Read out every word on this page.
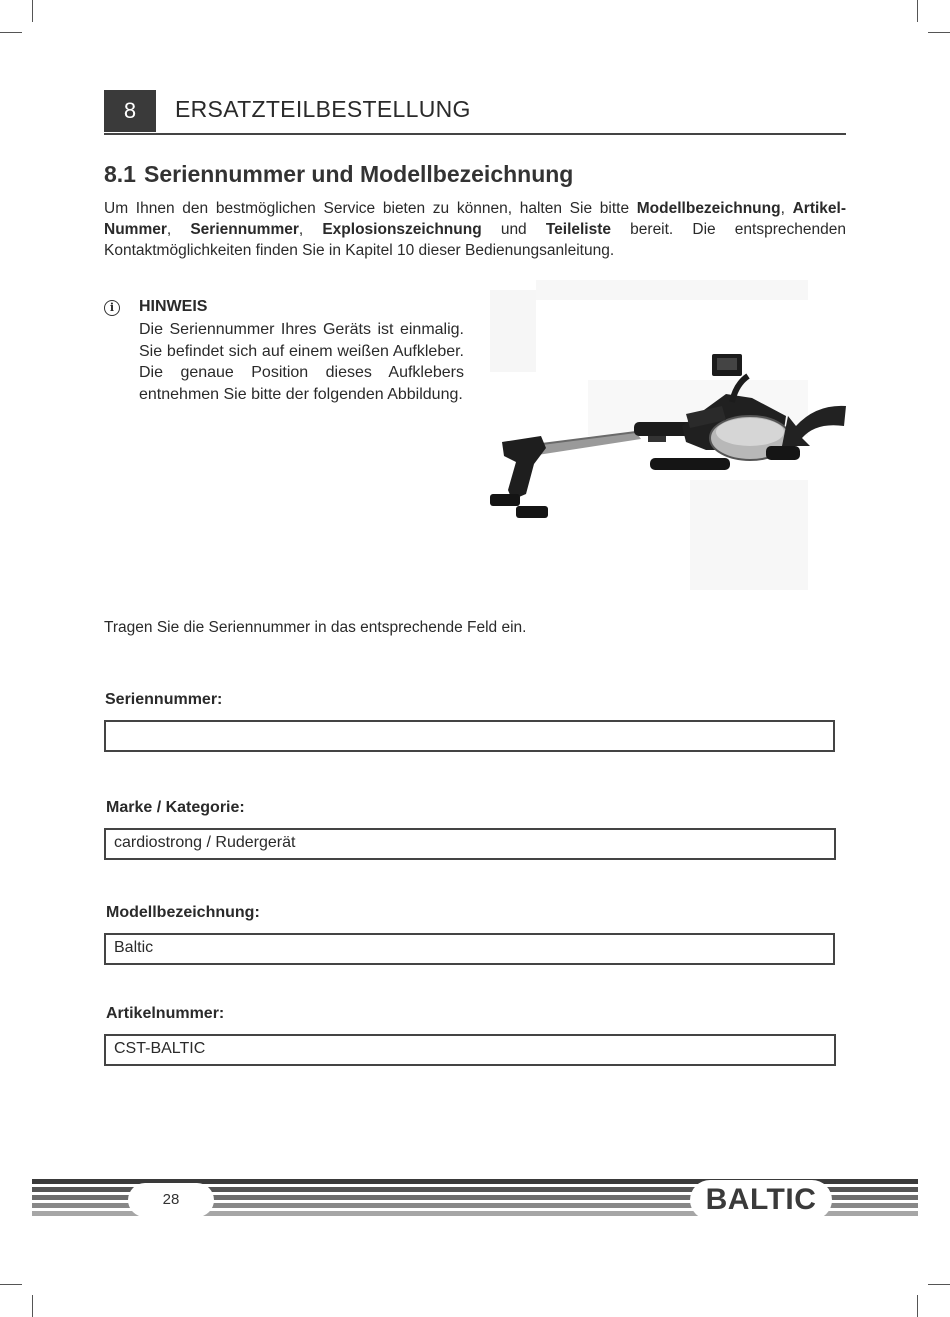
8	ERSATZTEILBESTELLUNG
8.1 Seriennummer und Modellbezeichnung
Um Ihnen den bestmöglichen Service bieten zu können, halten Sie bitte Modellbezeichnung, Artikel-Nummer, Seriennummer, Explosionszeichnung und Teileliste bereit. Die entsprechenden Kontaktmöglichkeiten finden Sie in Kapitel 10 dieser Bedienungsanleitung.
i	HINWEIS
Die Seriennummer Ihres Geräts ist einmalig. Sie befindet sich auf einem weißen Aufkleber. Die genaue Position dieses Aufklebers entnehmen Sie bitte der folgenden Abbildung.
Tragen Sie die Seriennummer in das entsprechende Feld ein.
Seriennummer:
Marke / Kategorie:
cardiostrong / Rudergerät
Modellbezeichnung:
Baltic
Artikelnummer:
CST-BALTIC
28	BALTIC
